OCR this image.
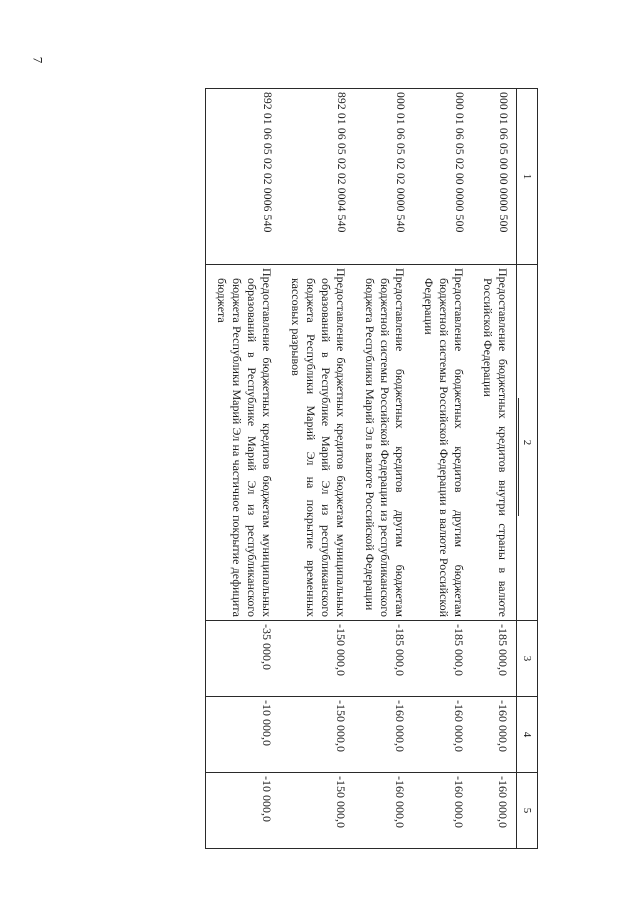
7
1	2	3	4	5
000 01 06 05 00 00 0000 500	Предоставление бюджетных кредитов внутри страны в валюте Российской Федерации	-185 000,0	-160 000,0	-160 000,0
000 01 06 05 02 00 0000 500	Предоставление бюджетных кредитов другим бюджетам бюджетной системы Российской Федерации в валюте Российской Федерации	-185 000,0	-160 000,0	-160 000,0
000 01 06 05 02 02 0000 540	Предоставление бюджетных кредитов другим бюджетам бюджетной системы Российской Федерации из республиканского бюджета Республики Марий Эл в валюте Российской Федерации	-185 000,0	-160 000,0	-160 000,0
892 01 06 05 02 02 0004 540	Предоставление бюджетных кредитов бюджетам муниципальных образований в Республике Марий Эл из республиканского бюджета Республики Марий Эл на покрытие временных кассовых разрывов	-150 000,0	-150 000,0	-150 000,0
892 01 06 05 02 02 0006 540	Предоставление бюджетных кредитов бюджетам муниципальных образований в Республике Марий Эл из республиканского бюджета Республики Марий Эл на частичное покрытие дефицита бюджета	-35 000,0	-10 000,0	-10 000,0
